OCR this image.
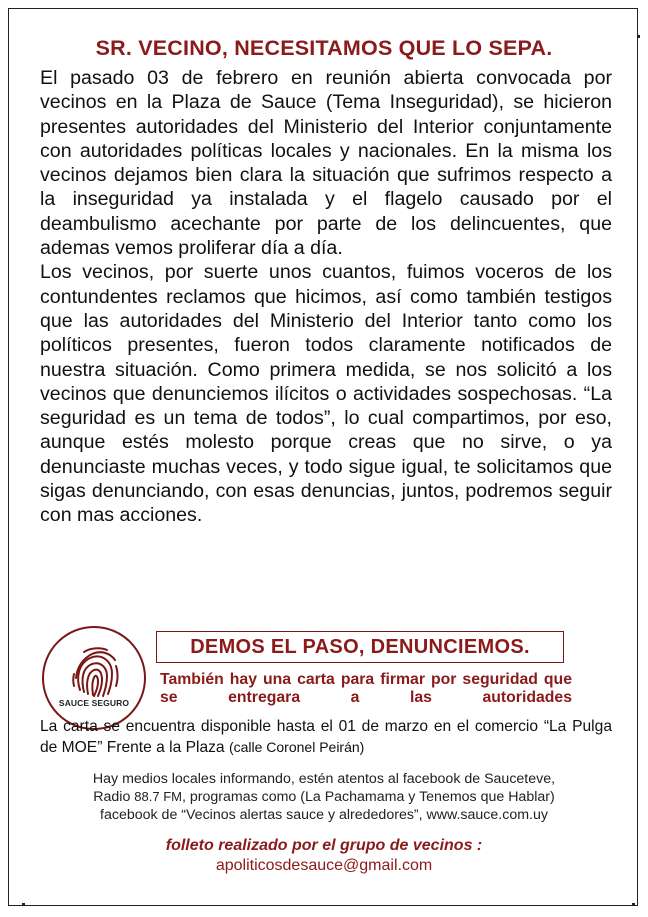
SR. VECINO, NECESITAMOS QUE LO SEPA.

El pasado 03 de febrero en reunión abierta convocada por vecinos en la Plaza de Sauce (Tema Inseguridad), se hicieron presentes autoridades del Ministerio del Interior conjuntamente con autoridades políticas locales y nacionales. En la misma los vecinos dejamos bien clara la situación que sufrimos respecto a la inseguridad ya instalada y el flagelo causado por el deambulismo acechante por parte de los delincuentes, que ademas vemos proliferar día a día.

Los vecinos, por suerte unos cuantos, fuimos voceros de los contundentes reclamos que hicimos, así como también testigos que las autoridades del Ministerio del Interior tanto como los políticos presentes, fueron todos claramente notificados de nuestra situación. Como primera medida, se nos solicitó a los vecinos que denunciemos ilícitos o actividades sospechosas. “La seguridad es un tema de todos”, lo cual compartimos, por eso, aunque estés molesto porque creas que no sirve, o ya denunciaste muchas veces, y todo sigue igual, te solicitamos que sigas denunciando, con esas denuncias, juntos, podremos seguir con mas acciones.

SAUCE SEGURO
DEMOS EL PASO, DENUNCIEMOS.
También hay una carta para firmar por seguridad que se entregara a las autoridades
La carta se encuentra disponible hasta el 01 de marzo en el comercio “La Pulga de MOE” Frente a la Plaza (calle Coronel Peirán)
Hay medios locales informando, estén atentos al facebook de Sauceteve,
Radio 88.7 FM, programas como (La Pachamama y Tenemos que Hablar)
facebook de “Vecinos alertas sauce y alrededores”, www.sauce.com.uy
folleto realizado por el grupo de vecinos :
apoliticosdesauce@gmail.com
